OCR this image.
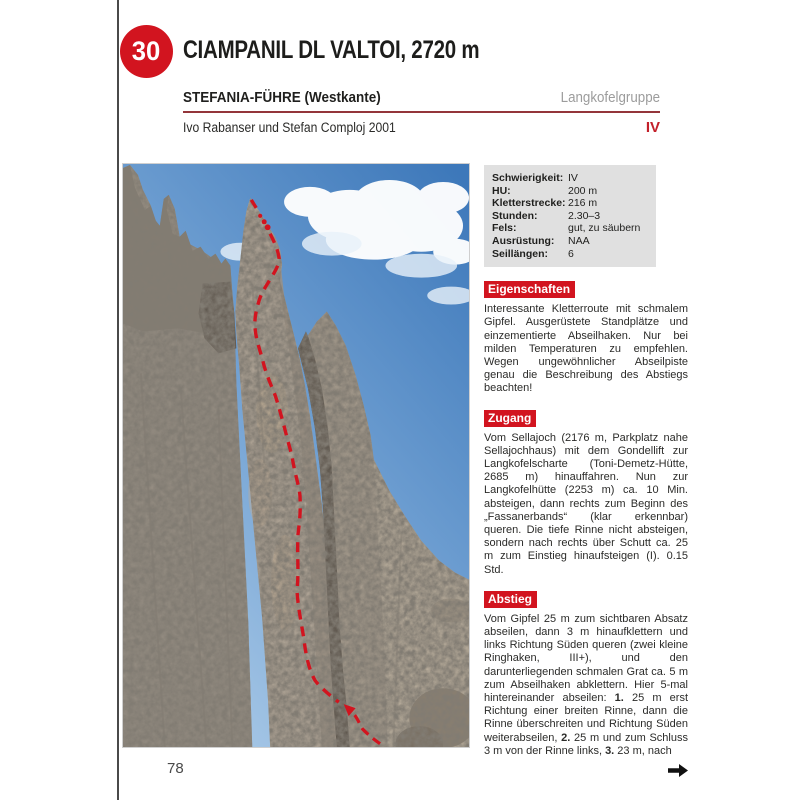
30 CIAMPANIL DL VALTOI, 2720 m
STEFANIA-FÜHRE (Westkante)	Langkofelgruppe
Ivo Rabanser und Stefan Comploj 2001	IV
Schwierigkeit: IV
HU:	200 m
Kletterstrecke: 216 m
Stunden:	2.30–3
Fels:	gut, zu säubern
Ausrüstung:	NAA
Seillängen:	6
Eigenschaften
Interessante Kletterroute mit schmalem Gipfel. Ausgerüstete Standplätze und einzementierte Abseilhaken. Nur bei milden Temperaturen zu empfehlen. Wegen ungewöhnlicher Abseilpiste genau die Beschreibung des Abstiegs beachten!
Zugang
Vom Sellajoch (2176 m, Parkplatz nahe Sellajochhaus) mit dem Gondellift zur Langkofelscharte (Toni-Demetz-Hütte, 2685 m) hinauffahren. Nun zur Langkofelhütte (2253 m) ca. 10 Min. absteigen, dann rechts zum Beginn des „Fassanerbands“ (klar erkennbar) queren. Die tiefe Rinne nicht absteigen, sondern nach rechts über Schutt ca. 25 m zum Einstieg hinaufsteigen (I). 0.15 Std.
Abstieg
Vom Gipfel 25 m zum sichtbaren Absatz abseilen, dann 3 m hinaufklettern und links Richtung Süden queren (zwei kleine Ringhaken, III+), und den darunterliegenden schmalen Grat ca. 5 m zum Abseilhaken abklettern. Hier 5-mal hintereinander abseilen: 1. 25 m erst Richtung einer breiten Rinne, dann die Rinne überschreiten und Richtung Süden weiterabseilen, 2. 25 m und zum Schluss 3 m von der Rinne links, 3. 23 m, nach
78
